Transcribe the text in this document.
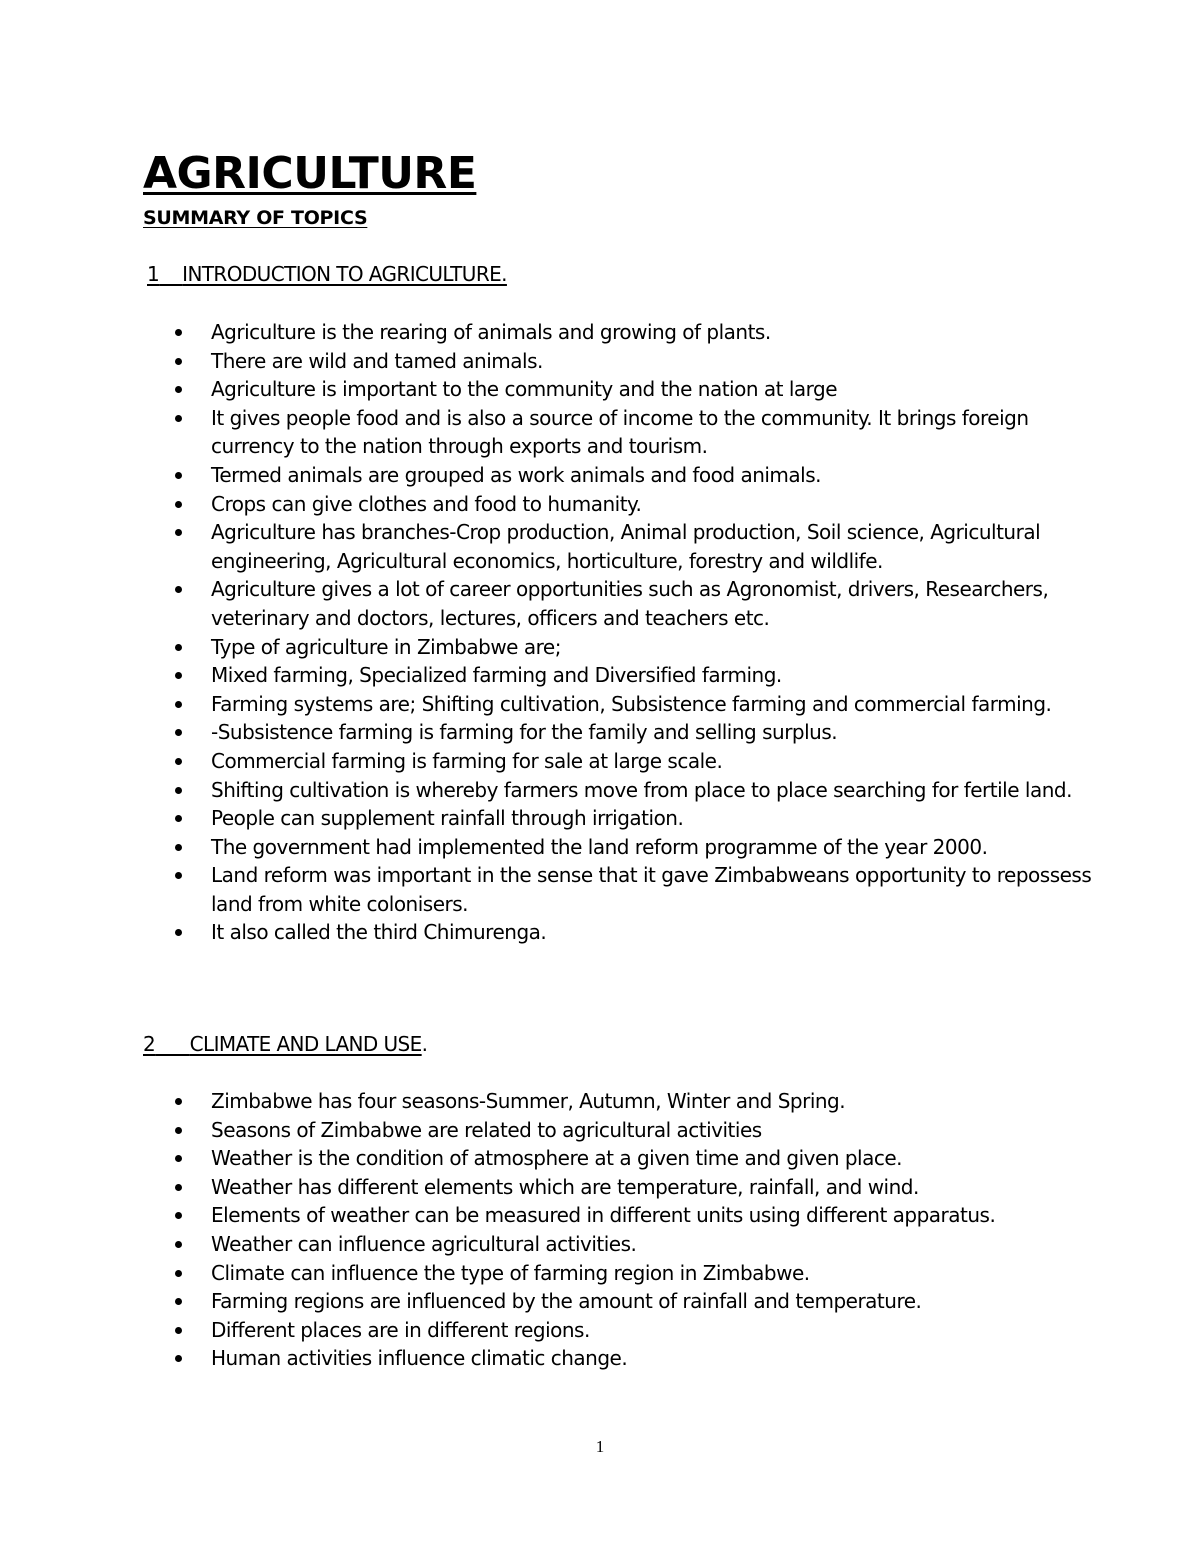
AGRICULTURE
SUMMARY OF TOPICS
1 INTRODUCTION TO AGRICULTURE.
Agriculture is the rearing of animals and growing of plants.
There are wild and tamed animals.
Agriculture is important to the community and the nation at large
It gives people food and is also a source of income to the community. It brings foreign currency to the nation through exports and tourism.
Termed animals are grouped as work animals and food animals.
Crops can give clothes and food to humanity.
Agriculture has branches-Crop production, Animal production, Soil science, Agricultural engineering, Agricultural economics, horticulture, forestry and wildlife.
Agriculture gives a lot of career opportunities such as Agronomist, drivers, Researchers, veterinary and doctors, lectures, officers and teachers etc.
Type of agriculture in Zimbabwe are;
Mixed farming, Specialized farming and Diversified farming.
Farming systems are; Shifting cultivation, Subsistence farming and commercial farming.
-Subsistence farming is farming for the family and selling surplus.
Commercial farming is farming for sale at large scale.
Shifting cultivation is whereby farmers move from place to place searching for fertile land.
People can supplement rainfall through irrigation.
The government had implemented the land reform programme of the year 2000.
Land reform was important in the sense that it gave Zimbabweans opportunity to repossess land from white colonisers.
It also called the third Chimurenga.
2 CLIMATE AND LAND USE.
Zimbabwe has four seasons-Summer, Autumn, Winter and Spring.
Seasons of Zimbabwe are related to agricultural activities
Weather is the condition of atmosphere at a given time and given place.
Weather has different elements which are temperature, rainfall, and wind.
Elements of weather can be measured in different units using different apparatus.
Weather can influence agricultural activities.
Climate can influence the type of farming region in Zimbabwe.
Farming regions are influenced by the amount of rainfall and temperature.
Different places are in different regions.
Human activities influence climatic change.
1
